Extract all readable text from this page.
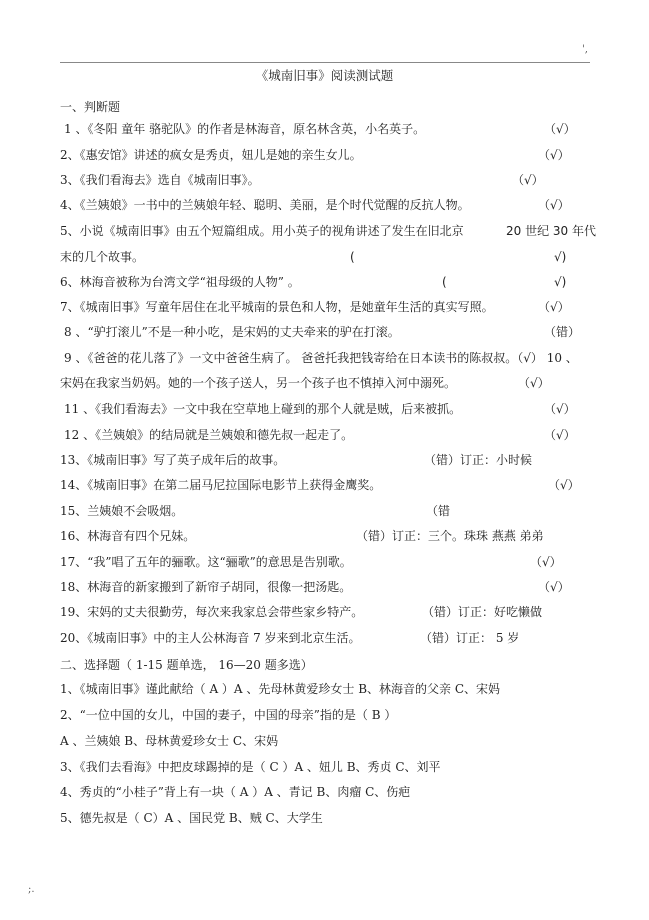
',
《城南旧事》阅读测试题
一、判断题
1 、《冬阳 童年 骆驼队》的作者是林海音，原名林含英，小名英子。	（√）
2、《惠安馆》讲述的疯女是秀贞，妞儿是她的亲生女儿。	（√）
3、《我们看海去》选自《城南旧事》。	（√）
4、《兰姨娘》一书中的兰姨娘年轻、聪明、美丽，是个时代觉醒的反抗人物。	（√）
5、小说《城南旧事》由五个短篇组成。用小英子的视角讲述了发生在旧北京	20 世纪 30 年代
末的几个故事。	(	√)
6、林海音被称为台湾文学“祖母级的人物” 。	(	√)
7、《城南旧事》写童年居住在北平城南的景色和人物，是她童年生活的真实写照。	（√）
8 、“驴打滚儿”不是一种小吃，是宋妈的丈夫牵来的驴在打滚。	（错）
9 、《爸爸的花儿落了》一文中爸爸生病了。 爸爸托我把钱寄给在日本读书的陈叔叔。（√） 10 、
宋妈在我家当奶妈。她的一个孩子送人，另一个孩子也不慎掉入河中溺死。	（√）
11 、《我们看海去》一文中我在空草地上碰到的那个人就是贼，后来被抓。	（√）
12 、《兰姨娘》的结局就是兰姨娘和德先叔一起走了。	（√）
13、《城南旧事》写了英子成年后的故事。	（错）订正：小时候
14、《城南旧事》在第二届马尼拉国际电影节上获得金鹰奖。	（√）
15、兰姨娘不会吸烟。	（错
16、林海音有四个兄妹。	（错）订正：三个。珠珠 燕燕 弟弟
17、“我”唱了五年的骊歌。这“骊歌”的意思是告别歌。	（√）
18、林海音的新家搬到了新帘子胡同，很像一把汤匙。	（√）
19、宋妈的丈夫很勤劳，每次来我家总会带些家乡特产。	（错）订正：好吃懒做
20、《城南旧事》中的主人公林海音 7 岁来到北京生活。	（错）订正： 5 岁
二、选择题（ 1-15 题单选， 16—20 题多选）
1、《城南旧事》谨此献给（ A ）A 、先母林黄爱珍女士 B、林海音的父亲 C、宋妈
2、“一位中国的女儿，中国的妻子，中国的母亲”指的是（ B ）
A 、兰姨娘 B、母林黄爱珍女士 C、宋妈
3、《我们去看海》中把皮球踢掉的是（ C ）A 、妞儿 B、秀贞 C、刘平
4、秀贞的“小桂子”背上有一块（ A ）A 、青记 B、肉瘤 C、伤疤
5、德先叔是（ C）A 、国民党 B、贼 C、大学生
;.
